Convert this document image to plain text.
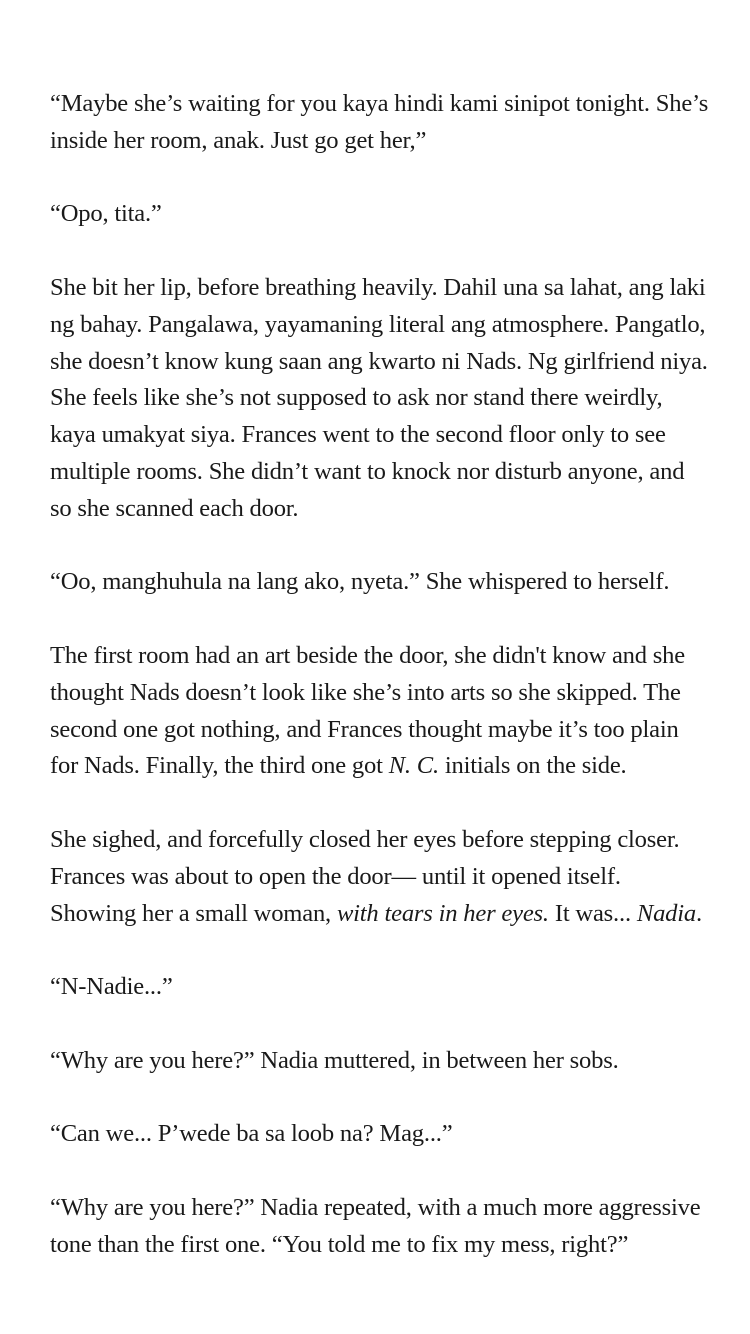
“Maybe she’s waiting for you kaya hindi kami sinipot tonight. She’s inside her room, anak. Just go get her,”

“Opo, tita.”

She bit her lip, before breathing heavily. Dahil una sa lahat, ang laki ng bahay. Pangalawa, yayamaning literal ang atmosphere. Pangatlo, she doesn’t know kung saan ang kwarto ni Nads. Ng girlfriend niya. She feels like she’s not supposed to ask nor stand there weirdly, kaya umakyat siya. Frances went to the second floor only to see multiple rooms. She didn’t want to knock nor disturb anyone, and so she scanned each door.

“Oo, manghuhula na lang ako, nyeta.” She whispered to herself.

The first room had an art beside the door, she didn't know and she thought Nads doesn’t look like she’s into arts so she skipped. The second one got nothing, and Frances thought maybe it’s too plain for Nads. Finally, the third one got N. C. initials on the side.

She sighed, and forcefully closed her eyes before stepping closer. Frances was about to open the door— until it opened itself. Showing her a small woman, with tears in her eyes. It was... Nadia.

“N-Nadie...”

“Why are you here?” Nadia muttered, in between her sobs.

“Can we... P’wede ba sa loob na? Mag...”

“Why are you here?” Nadia repeated, with a much more aggressive tone than the first one. “You told me to fix my mess, right?”
